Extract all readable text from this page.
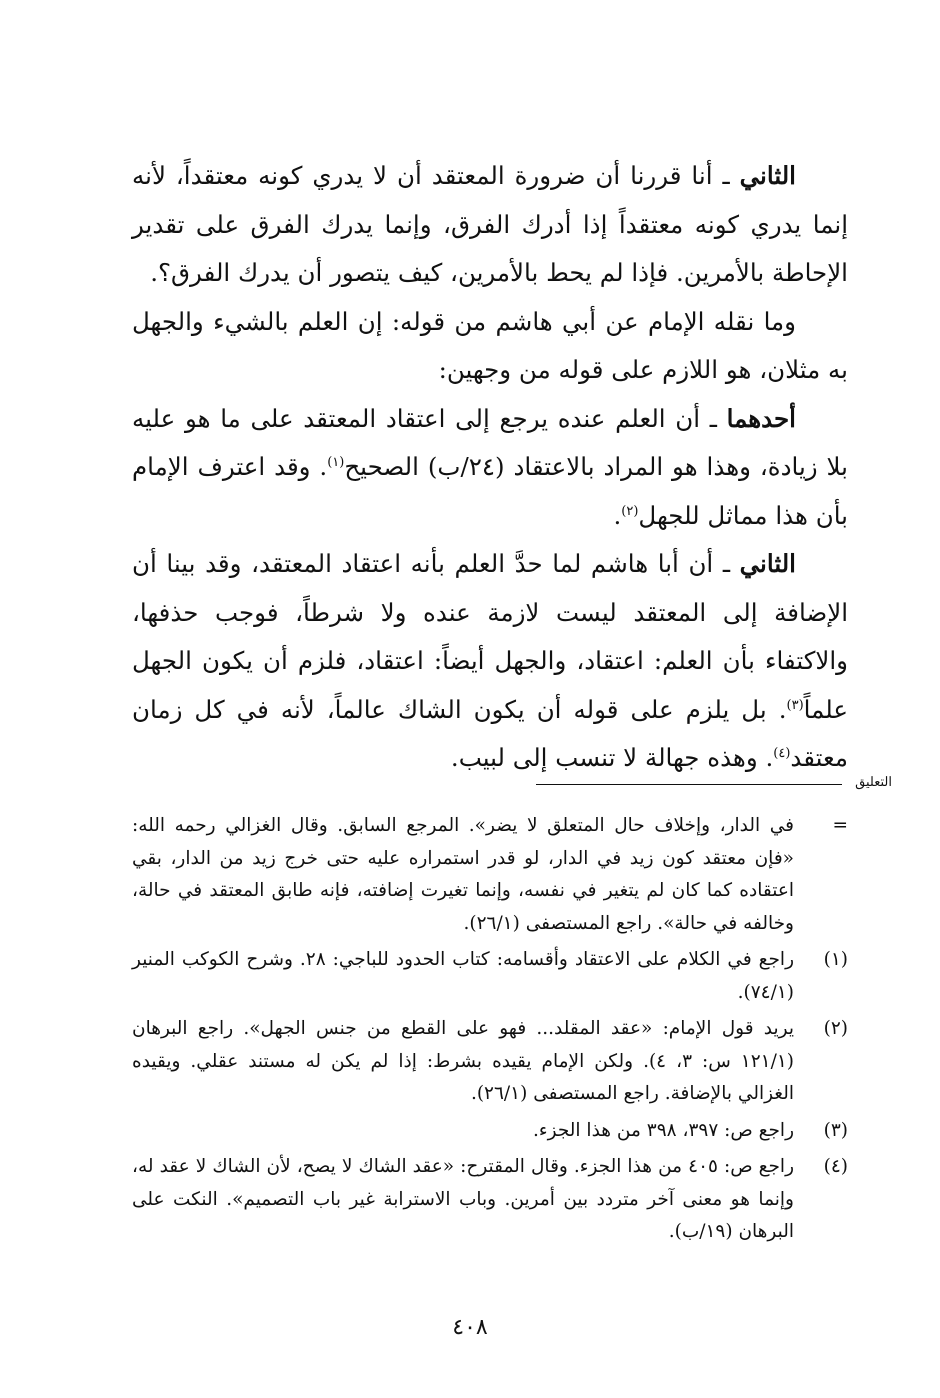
الثاني ـ أنا قررنا أن ضرورة المعتقد أن لا يدري كونه معتقداً، لأنه إنما يدري كونه معتقداً إذا أدرك الفرق، وإنما يدرك الفرق على تقدير الإحاطة بالأمرين. فإذا لم يحط بالأمرين، كيف يتصور أن يدرك الفرق؟.

وما نقله الإمام عن أبي هاشم من قوله: إن العلم بالشيء والجهل به مثلان، هو اللازم على قوله من وجهين:

أحدهما ـ أن العلم عنده يرجع إلى اعتقاد المعتقد على ما هو عليه بلا زيادة، وهذا هو المراد بالاعتقاد (٢٤/ب) الصحيح$^{(١)}$. وقد اعترف الإمام بأن هذا مماثل للجهل$^{(٢)}$.

الثاني ـ أن أبا هاشم لما حدَّ العلم بأنه اعتقاد المعتقد، وقد بينا أن الإضافة إلى المعتقد ليست لازمة عنده ولا شرطاً، فوجب حذفها، والاكتفاء بأن العلم: اعتقاد، والجهل أيضاً: اعتقاد، فلزم أن يكون الجهل علماً$^{(٣)}$. بل يلزم على قوله أن يكون الشاك عالماً، لأنه في كل زمان معتقد$^{(٤)}$. وهذه جهالة لا تنسب إلى لبيب.

التعليق
=
في الدار، وإخلاف حال المتعلق لا يضر». المرجع السابق. وقال الغزالي رحمه الله: «فإن معتقد كون زيد في الدار، لو قدر استمراره عليه حتى خرج زيد من الدار، بقي اعتقاده كما كان لم يتغير في نفسه، وإنما تغيرت إضافته، فإنه طابق المعتقد في حالة، وخالفه في حالة». راجع المستصفى (٢٦/١).
(١)
راجع في الكلام على الاعتقاد وأقسامه: كتاب الحدود للباجي: ٢٨. وشرح الكوكب المنير (٧٤/١).
(٢)
يريد قول الإمام: «عقد المقلد... فهو على القطع من جنس الجهل». راجع البرهان (١٢١/١ س: ٣، ٤). ولكن الإمام يقيده بشرط: إذا لم يكن له مستند عقلي. ويقيده الغزالي بالإضافة. راجع المستصفى (٢٦/١).
(٣)
راجع ص: ٣٩٧، ٣٩٨ من هذا الجزء.
(٤)
راجع ص: ٤٠٥ من هذا الجزء. وقال المقترح: «عقد الشاك لا يصح، لأن الشاك لا عقد له، وإنما هو معنى آخر متردد بين أمرين. وباب الاسترابة غير باب التصميم». النكت على البرهان (١٩/ب).
٤٠٨
